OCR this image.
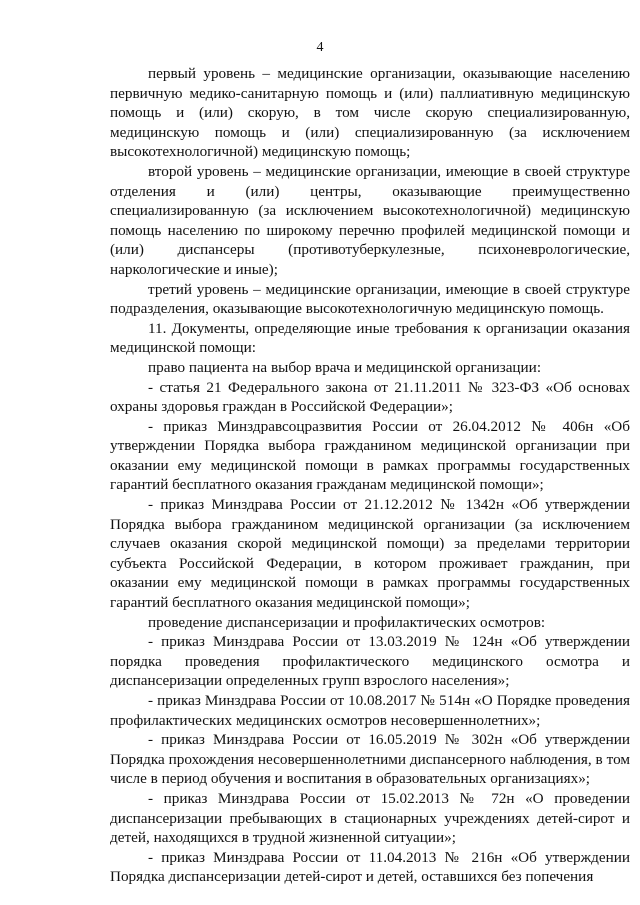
4

первый уровень – медицинские организации, оказывающие населению первичную медико-санитарную помощь и (или) паллиативную медицинскую помощь и (или) скорую, в том числе скорую специализированную, медицинскую помощь и (или) специализированную (за исключением высокотехнологичной) медицинскую помощь;

второй уровень – медицинские организации, имеющие в своей структуре отделения и (или) центры, оказывающие преимущественно специализированную (за исключением высокотехнологичной) медицинскую помощь населению по широкому перечню профилей медицинской помощи и (или) диспансеры (противотуберкулезные, психоневрологические, наркологические и иные);

третий уровень – медицинские организации, имеющие в своей структуре подразделения, оказывающие высокотехнологичную медицинскую помощь.

11. Документы, определяющие иные требования к организации оказания медицинской помощи:

право пациента на выбор врача и медицинской организации:

- статья 21 Федерального закона от 21.11.2011 № 323-ФЗ «Об основах охраны здоровья граждан в Российской Федерации»;

- приказ Минздравсоцразвития России от 26.04.2012 № 406н «Об утверждении Порядка выбора гражданином медицинской организации при оказании ему медицинской помощи в рамках программы государственных гарантий бесплатного оказания гражданам медицинской помощи»;

- приказ Минздрава России от 21.12.2012 № 1342н «Об утверждении Порядка выбора гражданином медицинской организации (за исключением случаев оказания скорой медицинской помощи) за пределами территории субъекта Российской Федерации, в котором проживает гражданин, при оказании ему медицинской помощи в рамках программы государственных гарантий бесплатного оказания медицинской помощи»;

проведение диспансеризации и профилактических осмотров:

- приказ Минздрава России от 13.03.2019 № 124н «Об утверждении порядка проведения профилактического медицинского осмотра и диспансеризации определенных групп взрослого населения»;

- приказ Минздрава России от 10.08.2017 № 514н «О Порядке проведения профилактических медицинских осмотров несовершеннолетних»;

- приказ Минздрава России от 16.05.2019 № 302н «Об утверждении Порядка прохождения несовершеннолетними диспансерного наблюдения, в том числе в период обучения и воспитания в образовательных организациях»;

- приказ Минздрава России от 15.02.2013 № 72н «О проведении диспансеризации пребывающих в стационарных учреждениях детей-сирот и детей, находящихся в трудной жизненной ситуации»;

- приказ Минздрава России от 11.04.2013 № 216н «Об утверждении Порядка диспансеризации детей-сирот и детей, оставшихся без попечения
